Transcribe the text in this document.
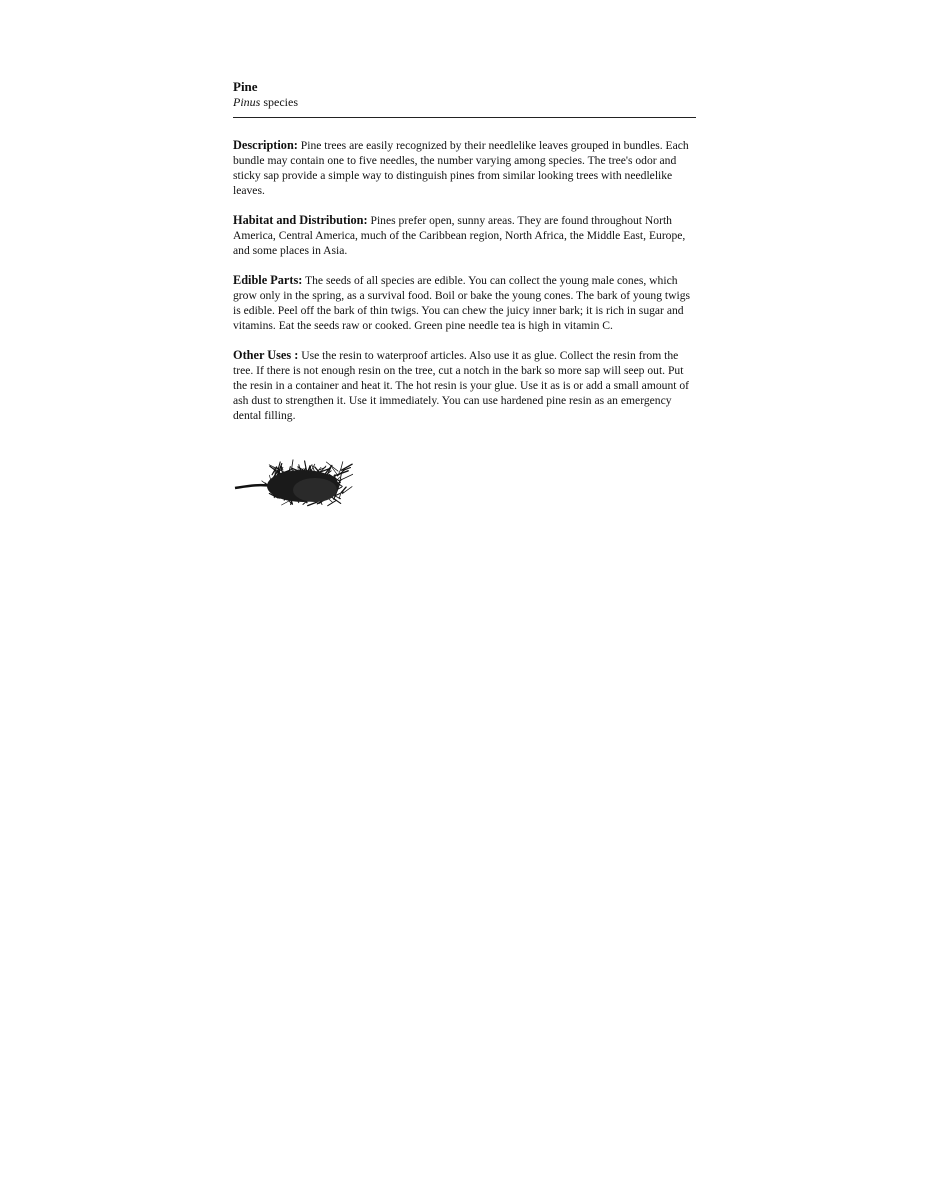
Pine

Pinus species

Description: Pine trees are easily recognized by their needlelike leaves grouped in bundles. Each bundle may contain one to five needles, the number varying among species. The tree's odor and sticky sap provide a simple way to distinguish pines from similar looking trees with needlelike leaves.

Habitat and Distribution: Pines prefer open, sunny areas. They are found throughout North America, Central America, much of the Caribbean region, North Africa, the Middle East, Europe, and some places in Asia.

Edible Parts: The seeds of all species are edible. You can collect the young male cones, which grow only in the spring, as a survival food. Boil or bake the young cones. The bark of young twigs is edible. Peel off the bark of thin twigs. You can chew the juicy inner bark; it is rich in sugar and vitamins. Eat the seeds raw or cooked. Green pine needle tea is high in vitamin C.

Other Uses : Use the resin to waterproof articles. Also use it as glue. Collect the resin from the tree. If there is not enough resin on the tree, cut a notch in the bark so more sap will seep out. Put the resin in a container and heat it. The hot resin is your glue. Use it as is or add a small amount of ash dust to strengthen it. Use it immediately. You can use hardened pine resin as an emergency dental filling.
